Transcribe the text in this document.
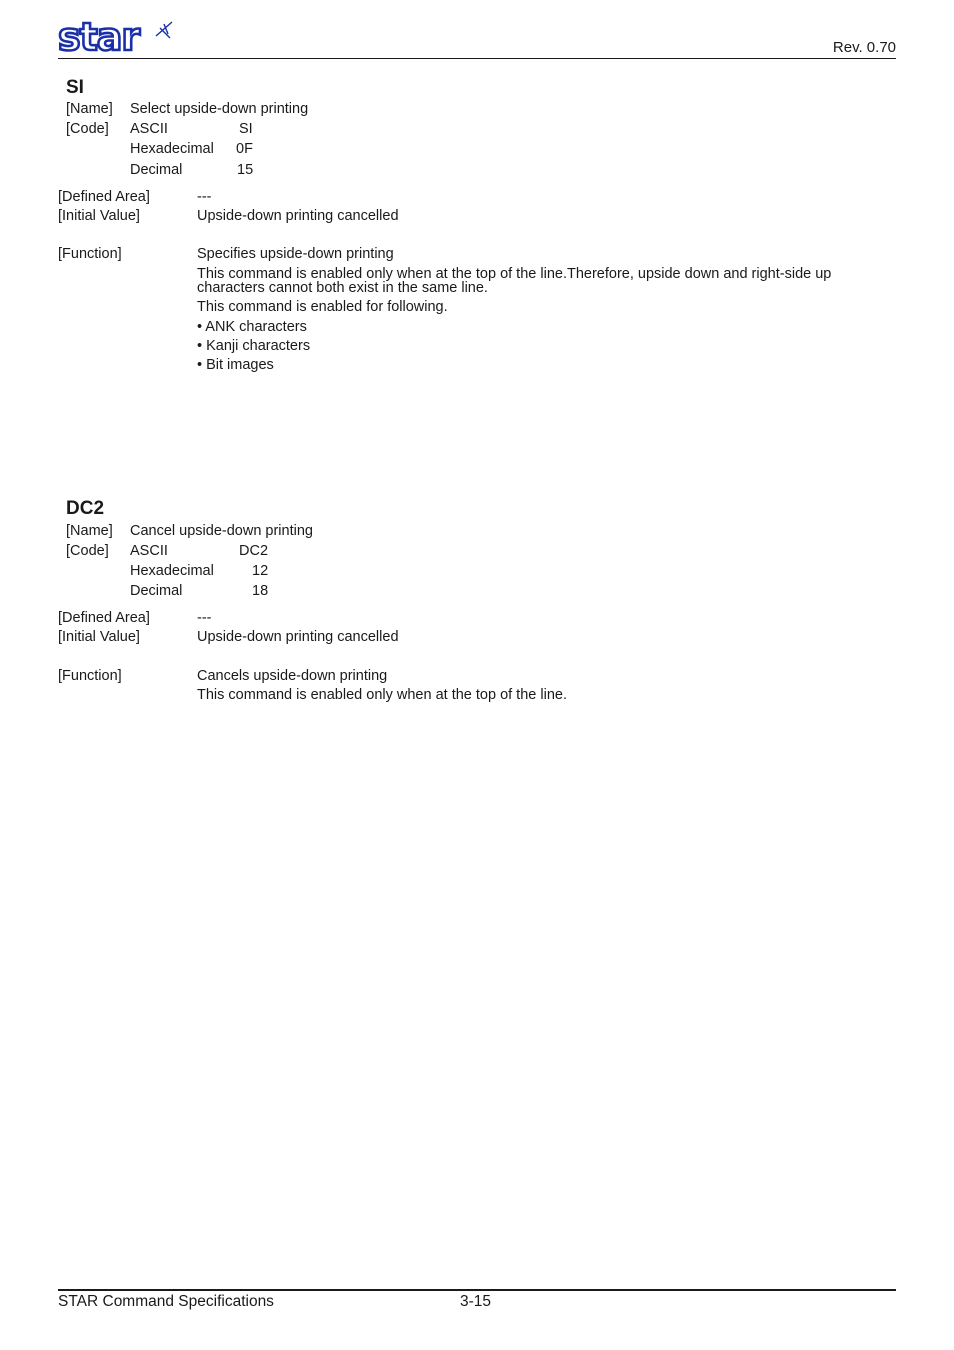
star	Rev. 0.70
SI
[Name] Select upside-down printing
[Code] ASCII	SI
Hexadecimal 0F
Decimal	15
[Defined Area]	---
[Initial Value]	Upside-down printing cancelled
[Function]	Specifies upside-down printing
This command is enabled only when at the top of the line.Therefore, upside down and right-side up characters cannot both exist in the same line.
This command is enabled for following.
• ANK characters
• Kanji characters
• Bit images
DC2
[Name] Cancel upside-down printing
[Code] ASCII	DC2
Hexadecimal	12
Decimal	18
[Defined Area]	---
[Initial Value]	Upside-down printing cancelled
[Function]	Cancels upside-down printing
This command is enabled only when at the top of the line.
STAR Command Specifications	3-15
